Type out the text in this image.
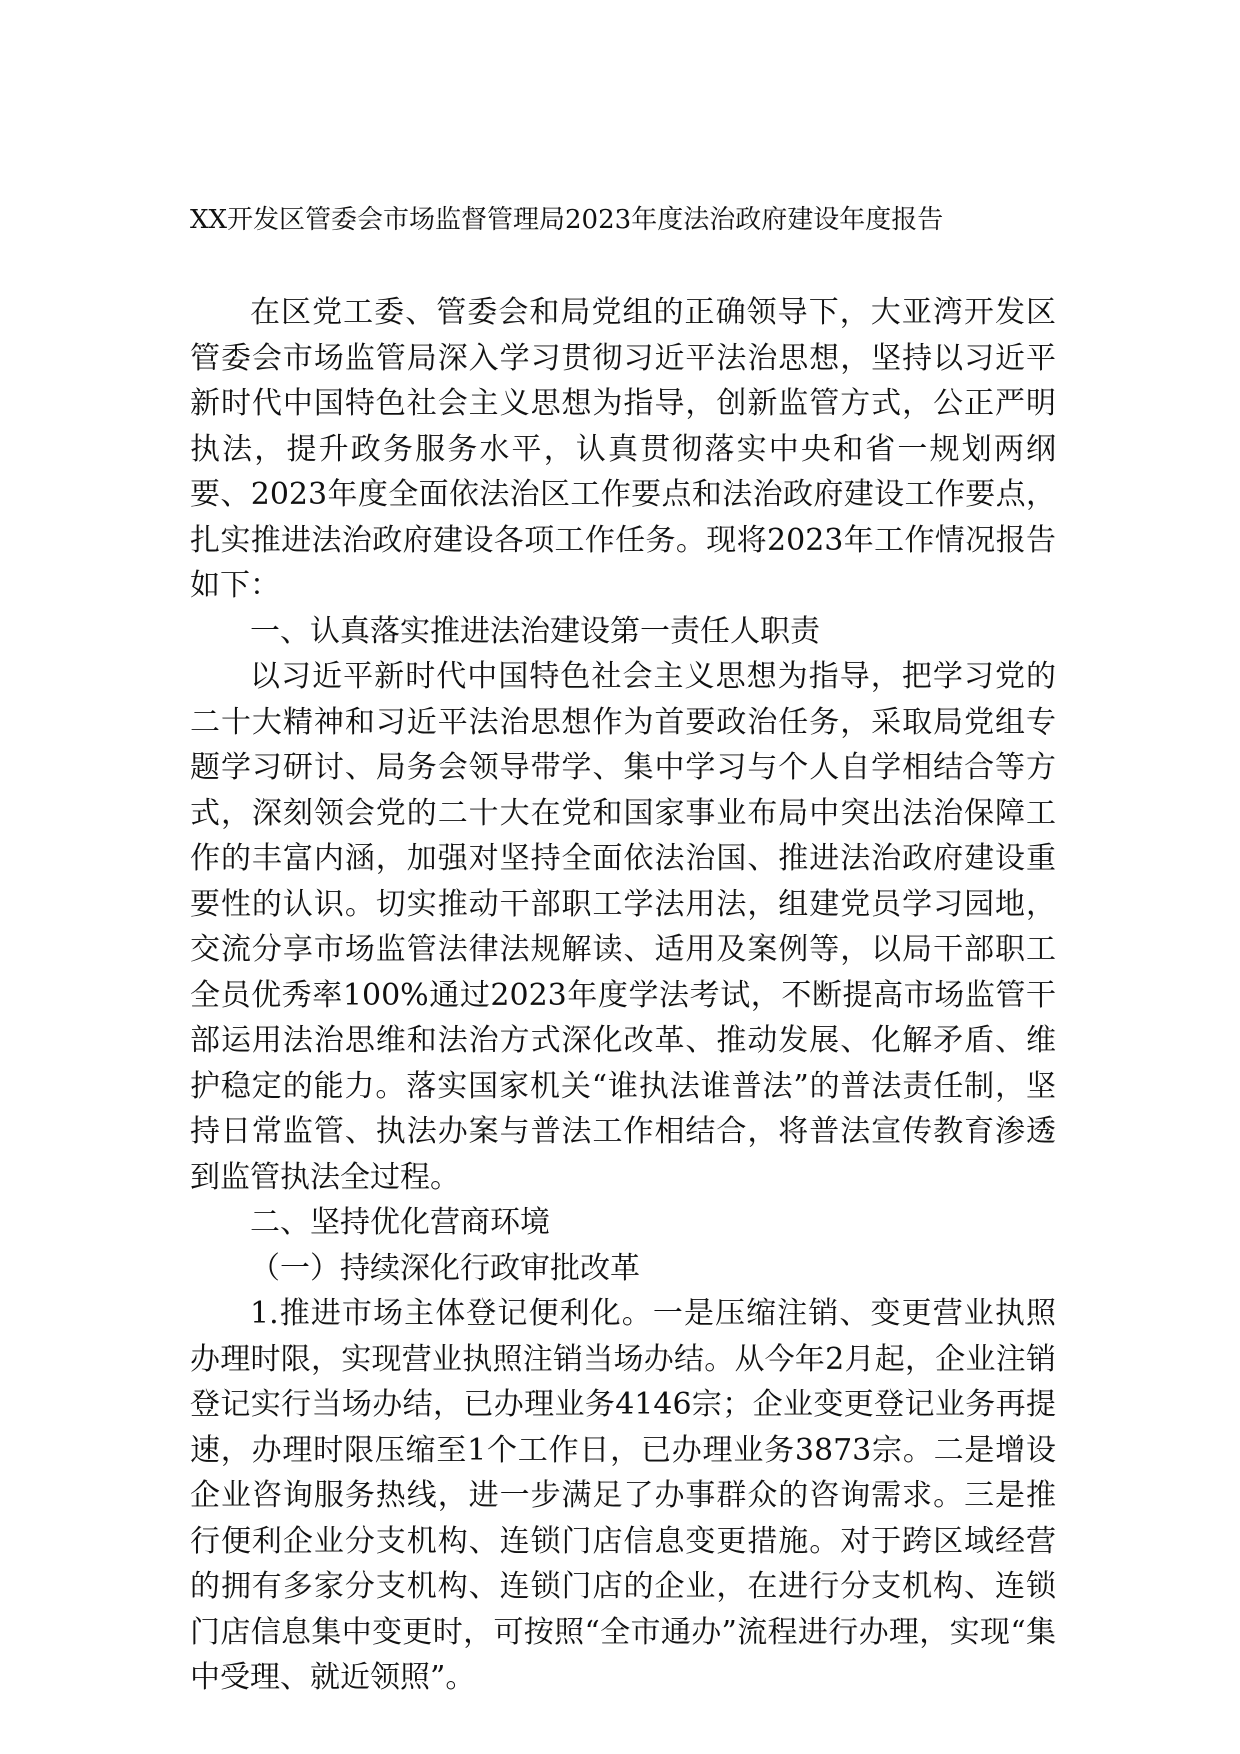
XX开发区管委会市场监督管理局2023年度法治政府建设年度报告

在区党工委、管委会和局党组的正确领导下，大亚湾开发区管委会市场监管局深入学习贯彻习近平法治思想，坚持以习近平新时代中国特色社会主义思想为指导，创新监管方式，公正严明执法，提升政务服务水平，认真贯彻落实中央和省一规划两纲要、2023年度全面依法治区工作要点和法治政府建设工作要点，扎实推进法治政府建设各项工作任务。现将2023年工作情况报告如下：

一、认真落实推进法治建设第一责任人职责

以习近平新时代中国特色社会主义思想为指导，把学习党的二十大精神和习近平法治思想作为首要政治任务，采取局党组专题学习研讨、局务会领导带学、集中学习与个人自学相结合等方式，深刻领会党的二十大在党和国家事业布局中突出法治保障工作的丰富内涵，加强对坚持全面依法治国、推进法治政府建设重要性的认识。切实推动干部职工学法用法，组建党员学习园地，交流分享市场监管法律法规解读、适用及案例等，以局干部职工全员优秀率100%通过2023年度学法考试，不断提高市场监管干部运用法治思维和法治方式深化改革、推动发展、化解矛盾、维护稳定的能力。落实国家机关“谁执法谁普法”的普法责任制，坚持日常监管、执法办案与普法工作相结合，将普法宣传教育渗透到监管执法全过程。

二、坚持优化营商环境

（一）持续深化行政审批改革

1.推进市场主体登记便利化。一是压缩注销、变更营业执照办理时限，实现营业执照注销当场办结。从今年2月起，企业注销登记实行当场办结，已办理业务4146宗；企业变更登记业务再提速，办理时限压缩至1个工作日，已办理业务3873宗。二是增设企业咨询服务热线，进一步满足了办事群众的咨询需求。三是推行便利企业分支机构、连锁门店信息变更措施。对于跨区域经营的拥有多家分支机构、连锁门店的企业，在进行分支机构、连锁门店信息集中变更时，可按照“全市通办”流程进行办理，实现“集中受理、就近领照”。
